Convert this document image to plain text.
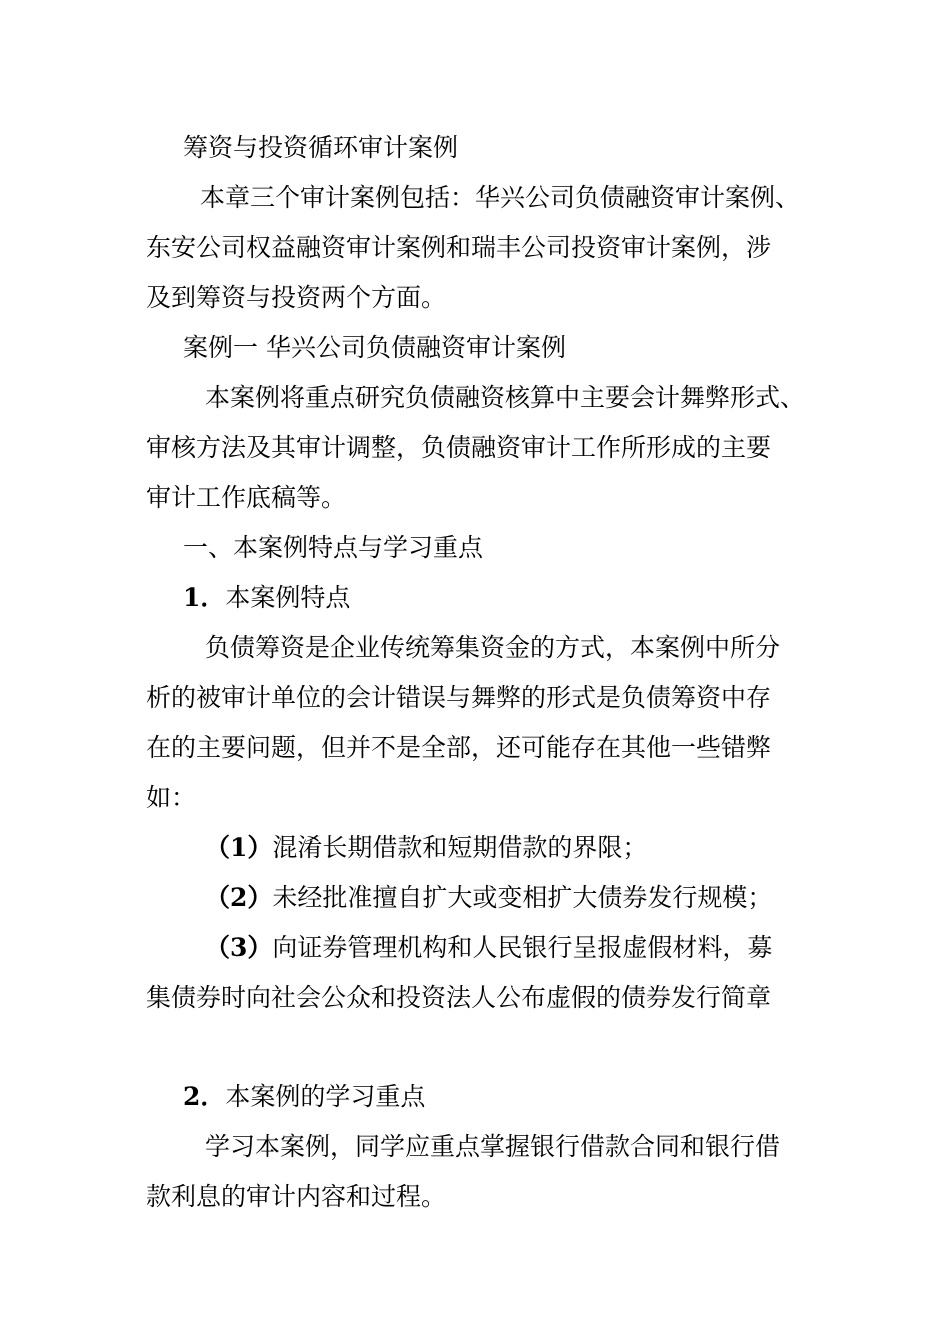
筹资与投资循环审计案例

本章三个审计案例包括：华兴公司负债融资审计案例、

东安公司权益融资审计案例和瑞丰公司投资审计案例，涉

及到筹资与投资两个方面。

案例一 华兴公司负债融资审计案例

本案例将重点研究负债融资核算中主要会计舞弊形式、

审核方法及其审计调整，负债融资审计工作所形成的主要

审计工作底稿等。

一、本案例特点与学习重点

1．本案例特点

负债筹资是企业传统筹集资金的方式，本案例中所分

析的被审计单位的会计错误与舞弊的形式是负债筹资中存

在的主要问题，但并不是全部，还可能存在其他一些错弊

如：

（1）混淆长期借款和短期借款的界限；

（2）未经批准擅自扩大或变相扩大债券发行规模；

（3）向证券管理机构和人民银行呈报虚假材料，募

集债券时向社会公众和投资法人公布虚假的债券发行简章

2．本案例的学习重点

学习本案例，同学应重点掌握银行借款合同和银行借

款利息的审计内容和过程。
